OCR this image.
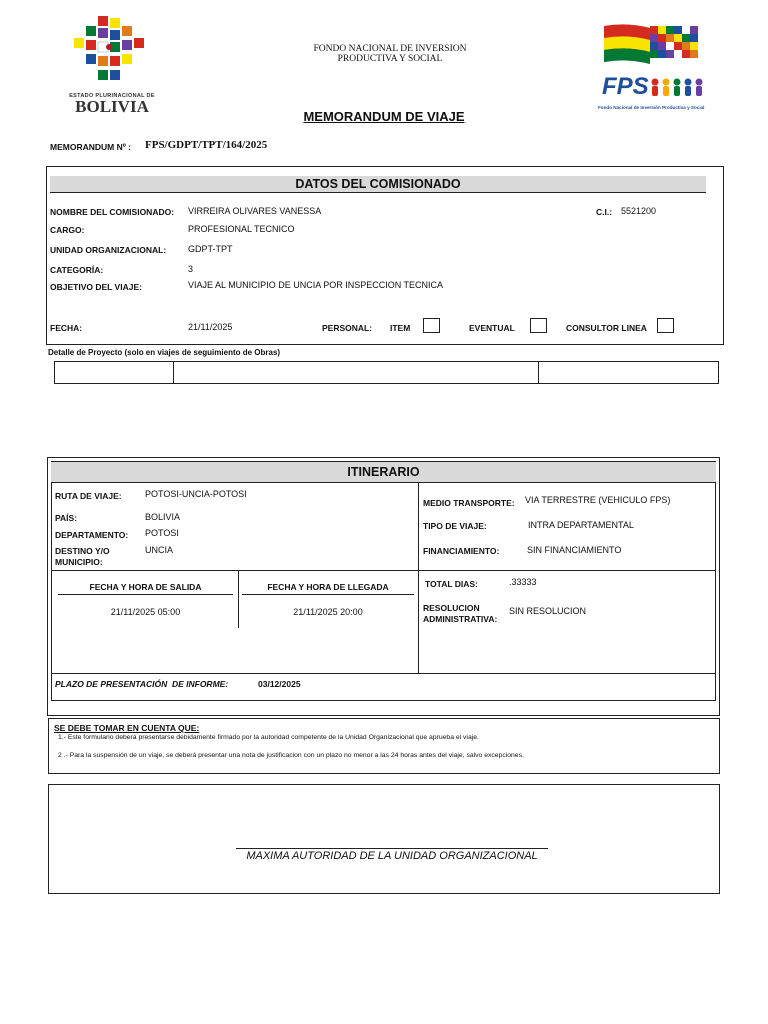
ESTADO PLURINACIONAL DE
BOLIVIA
FONDO NACIONAL DE INVERSION
PRODUCTIVA Y SOCIAL
FPS
Fondo Nacional de Inversión Productiva y Social
MEMORANDUM DE VIAJE
MEMORANDUM Nº : FPS/GDPT/TPT/164/2025
DATOS DEL COMISIONADO
NOMBRE DEL COMISIONADO: VIRREIRA OLIVARES VANESSA	C.I.: 5521200
CARGO:	PROFESIONAL TECNICO
UNIDAD ORGANIZACIONAL: GDPT-TPT
CATEGORÍA:	3
OBJETIVO DEL VIAJE:	VIAJE AL MUNICIPIO DE UNCIA POR INSPECCION TECNICA
FECHA:	21/11/2025	PERSONAL: ITEM	EVENTUAL	CONSULTOR LINEA
Detalle de Proyecto (solo en viajes de seguimiento de Obras)
ITINERARIO
RUTA DE VIAJE:	POTOSI-UNCIA-POTOSI
PAÍS:	BOLIVIA
DEPARTAMENTO: POTOSI
DESTINO Y/O
MUNICIPIO:
UNCIA
MEDIO TRANSPORTE: VIA TERRESTRE (VEHICULO FPS)
TIPO DE VIAJE:	INTRA DEPARTAMENTAL
FINANCIAMIENTO:	SIN FINANCIAMIENTO
FECHA Y HORA DE SALIDA
21/11/2025 05:00
FECHA Y HORA DE LLEGADA
21/11/2025 20:00
TOTAL DIAS:	.33333
RESOLUCION
ADMINISTRATIVA:
SIN RESOLUCION
PLAZO DE PRESENTACIÓN  DE INFORME:	03/12/2025
SE DEBE TOMAR EN CUENTA QUE:
1.- Este formulario deberá presentarse debidamente firmado por la autoridad competente de la Unidad Organizacional que aprueba el viaje.
2 .- Para la suspensión de un viaje, se deberá presentar una nota de justificacion con un plazo no menor a las 24 horas antes del viaje, salvo excepciones.
MAXIMA AUTORIDAD DE LA UNIDAD ORGANIZACIONAL
